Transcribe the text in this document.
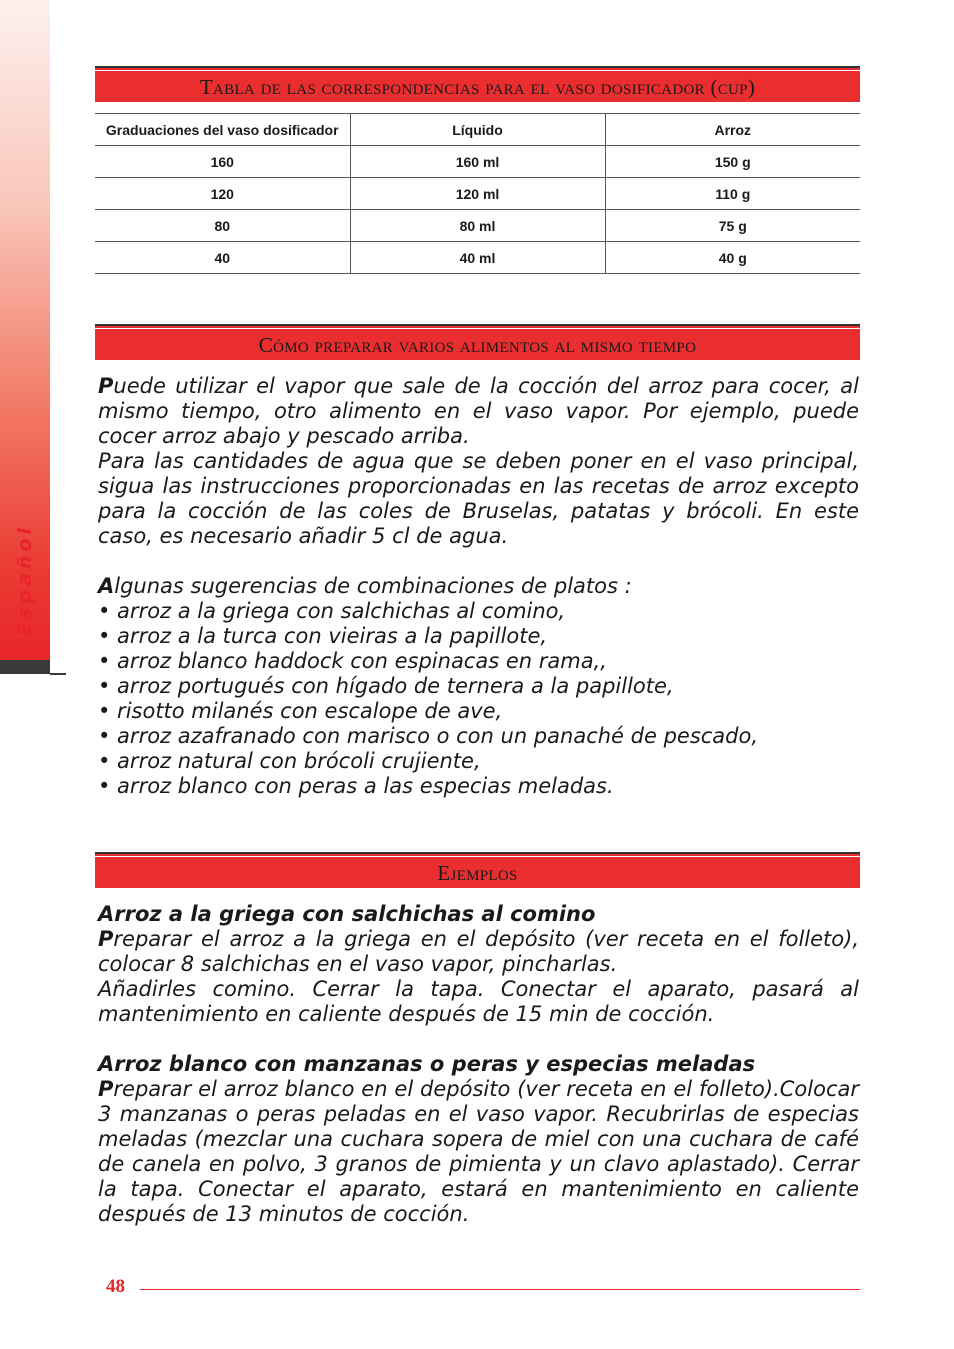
Español
Tabla de las correspondencias para el vaso dosificador (cup)
Graduaciones del vaso dosificador	Líquido	Arroz
160	160 ml	150 g
120	120 ml	110 g
80	80 ml	75 g
40	40 ml	40 g
Cómo preparar varios alimentos al mismo tiempo

Puede utilizar el vapor que sale de la cocción del arroz para cocer, al mismo tiempo, otro alimento en el vaso vapor. Por ejemplo, puede cocer arroz abajo y pescado arriba.

Para las cantidades de agua que se deben poner en el vaso principal, sigua las instrucciones proporcionadas en las recetas de arroz excepto para la cocción de las coles de Bruselas, patatas y brócoli. En este caso, es necesario añadir 5 cl de agua.

Algunas sugerencias de combinaciones de platos :

• arroz a la griega con salchichas al comino,

• arroz a la turca con vieiras a la papillote,

• arroz blanco haddock con espinacas en rama,,

• arroz portugués con hígado de ternera a la papillote,

• risotto milanés con escalope de ave,

• arroz azafranado con marisco o con un panaché de pescado,

• arroz natural con brócoli crujiente,

• arroz blanco con peras a las especias meladas.

Ejemplos

Arroz a la griega con salchichas al comino

Preparar el arroz a la griega en el depósito (ver receta en el folleto), colocar 8 salchichas en el vaso vapor, pincharlas.

Añadirles comino. Cerrar la tapa. Conectar el aparato, pasará al mantenimiento en caliente después de 15 min de cocción.

Arroz blanco con manzanas o peras y especias meladas

Preparar el arroz blanco en el depósito (ver receta en el folleto).Colocar 3 manzanas o peras peladas en el vaso vapor. Recubrirlas de especias meladas (mezclar una cuchara sopera de miel con una cuchara de café de canela en polvo, 3 granos de pimienta y un clavo aplastado). Cerrar la tapa. Conectar el aparato, estará en mantenimiento en caliente después de 13 minutos de cocción.

48
